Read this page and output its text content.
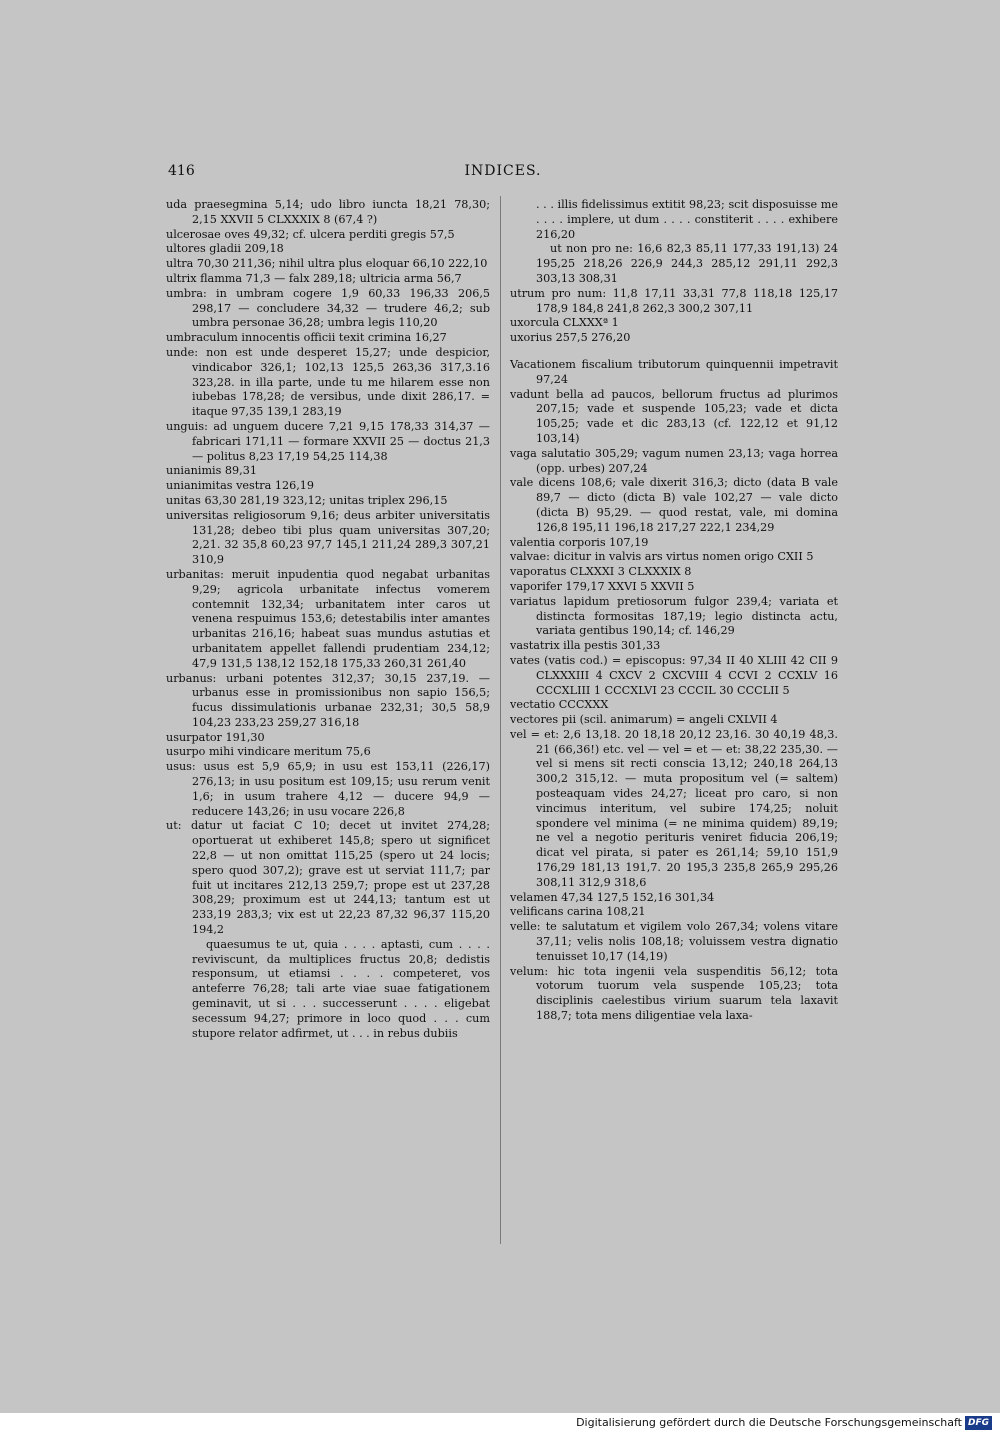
416	INDICES.
uda praesegmina 5,14; udo libro iuncta 18,21 78,30; 2,15 XXVII 5 CLXXXIX 8 (67,4 ?)
ulcerosae oves 49,32; cf. ulcera perditi gregis 57,5
ultores gladii 209,18
ultra 70,30 211,36; nihil ultra plus eloquar 66,10 222,10
ultrix flamma 71,3 — falx 289,18; ultricia arma 56,7
umbra: in umbram cogere 1,9 60,33 196,33 206,5 298,17 — concludere 34,32 — trudere 46,2; sub umbra personae 36,28; umbra legis 110,20
umbraculum innocentis officii texit crimina 16,27
unde: non est unde desperet 15,27; unde despicior, vindicabor 326,1; 102,13 125,5 263,36 317,3.16 323,28. in illa parte, unde tu me hilarem esse non iubebas 178,28; de versibus, unde dixit 286,17. = itaque 97,35 139,1 283,19
unguis: ad unguem ducere 7,21 9,15 178,33 314,37 — fabricari 171,11 — formare XXVII 25 — doctus 21,3 — politus 8,23 17,19 54,25 114,38
unianimis 89,31
unianimitas vestra 126,19
unitas 63,30 281,19 323,12; unitas triplex 296,15
universitas religiosorum 9,16; deus arbiter universitatis 131,28; debeo tibi plus quam universitas 307,20; 2,21. 32 35,8 60,23 97,7 145,1 211,24 289,3 307,21 310,9
urbanitas: meruit inpudentia quod negabat urbanitas 9,29; agricola urbanitate infectus vomerem contemnit 132,34; urbanitatem inter caros ut venena respuimus 153,6; detestabilis inter amantes urbanitas 216,16; habeat suas mundus astutias et urbanitatem appellet fallendi prudentiam 234,12; 47,9 131,5 138,12 152,18 175,33 260,31 261,40
urbanus: urbani potentes 312,37; 30,15 237,19. — urbanus esse in promissionibus non sapio 156,5; fucus dissimulationis urbanae 232,31; 30,5 58,9 104,23 233,23 259,27 316,18
usurpator 191,30
usurpo mihi vindicare meritum 75,6
usus: usus est 5,9 65,9; in usu est 153,11 (226,17) 276,13; in usu positum est 109,15; usu rerum venit 1,6; in usum trahere 4,12 — ducere 94,9 — reducere 143,26; in usu vocare 226,8
ut: datur ut faciat C 10; decet ut invitet 274,28; oportuerat ut exhiberet 145,8; spero ut significet 22,8 — ut non omittat 115,25 (spero ut 24 locis; spero quod 307,2); grave est ut serviat 111,7; par fuit ut incitares 212,13 259,7; prope est ut 237,28 308,29; proximum est ut 244,13; tantum est ut 233,19 283,3; vix est ut 22,23 87,32 96,37 115,20 194,2
quaesumus te ut, quia . . . . aptasti, cum . . . . reviviscunt, da multiplices fructus 20,8; dedistis responsum, ut etiamsi . . . . competeret, vos anteferre 76,28; tali arte viae suae fatigationem geminavit, ut si . . . successerunt . . . . eligebat secessum 94,27; primore in loco quod . . . cum stupore relator adfirmet, ut . . . in rebus dubiis
. . . illis fidelissimus extitit 98,23; scit disposuisse me . . . . implere, ut dum . . . . constiterit . . . . exhibere 216,20
ut non pro ne: 16,6 82,3 85,11 177,33 191,13) 24 195,25 218,26 226,9 244,3 285,12 291,11 292,3 303,13 308,31
utrum pro num: 11,8 17,11 33,31 77,8 118,18 125,17 178,9 184,8 241,8 262,3 300,2 307,11
uxorcula CLXXXª 1
uxorius 257,5 276,20
Vacationem fiscalium tributorum quinquennii impetravit 97,24
vadunt bella ad paucos, bellorum fructus ad plurimos 207,15; vade et suspende 105,23; vade et dicta 105,25; vade et dic 283,13 (cf. 122,12 et 91,12 103,14)
vaga salutatio 305,29; vagum numen 23,13; vaga horrea (opp. urbes) 207,24
vale dicens 108,6; vale dixerit 316,3; dicto (data B vale 89,7 — dicto (dicta B) vale 102,27 — vale dicto (dicta B) 95,29. — quod restat, vale, mi domina 126,8 195,11 196,18 217,27 222,1 234,29
valentia corporis 107,19
valvae: dicitur in valvis ars virtus nomen origo CXII 5
vaporatus CLXXXI 3 CLXXXIX 8
vaporifer 179,17 XXVI 5 XXVII 5
variatus lapidum pretiosorum fulgor 239,4; variata et distincta formositas 187,19; legio distincta actu, variata gentibus 190,14; cf. 146,29
vastatrix illa pestis 301,33
vates (vatis cod.) = episcopus: 97,34 II 40 XLIII 42 CII 9 CLXXXIII 4 CXCV 2 CXCVIII 4 CCVI 2 CCXLV 16 CCCXLIII 1 CCCXLVI 23 CCCIL 30 CCCLII 5
vectatio CCCXXX
vectores pii (scil. animarum) = angeli CXLVII 4
vel = et: 2,6 13,18. 20 18,18 20,12 23,16. 30 40,19 48,3. 21 (66,36!) etc. vel — vel = et — et: 38,22 235,30. — vel si mens sit recti conscia 13,12; 240,18 264,13 300,2 315,12. — muta propositum vel (= saltem) posteaquam vides 24,27; liceat pro caro, si non vincimus interitum, vel subire 174,25; noluit spondere vel minima (= ne minima quidem) 89,19; ne vel a negotio perituris veniret fiducia 206,19; dicat vel pirata, si pater es 261,14; 59,10 151,9 176,29 181,13 191,7. 20 195,3 235,8 265,9 295,26 308,11 312,9 318,6
velamen 47,34 127,5 152,16 301,34
velificans carina 108,21
velle: te salutatum et vigilem volo 267,34; volens vitare 37,11; velis nolis 108,18; voluissem vestra dignatio tenuisset 10,17 (14,19)
velum: hic tota ingenii vela suspenditis 56,12; tota votorum tuorum vela suspende 105,23; tota disciplinis caelestibus virium suarum tela laxavit 188,7; tota mens diligentiae vela laxa-
Digitalisierung gefördert durch die Deutsche Forschungsgemeinschaft DFG
